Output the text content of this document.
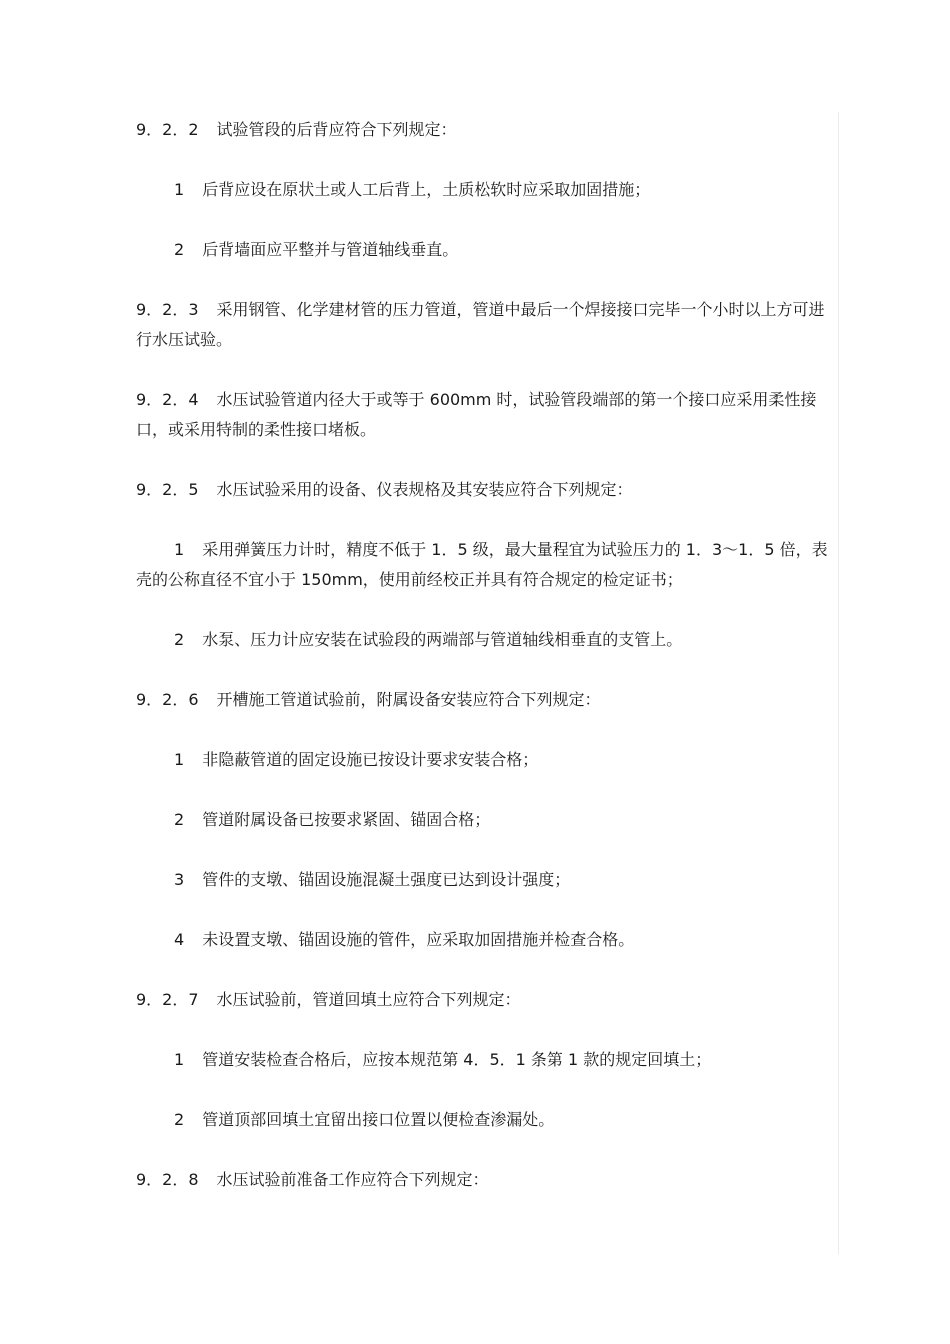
9．2．2 试验管段的后背应符合下列规定：

1 后背应设在原状土或人工后背上，土质松软时应采取加固措施；

2 后背墙面应平整并与管道轴线垂直。

9．2．3 采用钢管、化学建材管的压力管道，管道中最后一个焊接接口完毕一个小时以上方可进行水压试验。

9．2．4 水压试验管道内径大于或等于 600mm 时，试验管段端部的第一个接口应采用柔性接口，或采用特制的柔性接口堵板。

9．2．5 水压试验采用的设备、仪表规格及其安装应符合下列规定：

1 采用弹簧压力计时，精度不低于 1．5 级，最大量程宜为试验压力的 1．3～1．5 倍，表壳的公称直径不宜小于 150mm，使用前经校正并具有符合规定的检定证书；

2 水泵、压力计应安装在试验段的两端部与管道轴线相垂直的支管上。

9．2．6 开槽施工管道试验前，附属设备安装应符合下列规定：

1 非隐蔽管道的固定设施已按设计要求安装合格；

2 管道附属设备已按要求紧固、锚固合格；

3 管件的支墩、锚固设施混凝土强度已达到设计强度；

4 未设置支墩、锚固设施的管件，应采取加固措施并检查合格。

9．2．7 水压试验前，管道回填土应符合下列规定：

1 管道安装检查合格后，应按本规范第 4．5．1 条第 1 款的规定回填土；

2 管道顶部回填土宜留出接口位置以便检查渗漏处。

9．2．8 水压试验前准备工作应符合下列规定：
